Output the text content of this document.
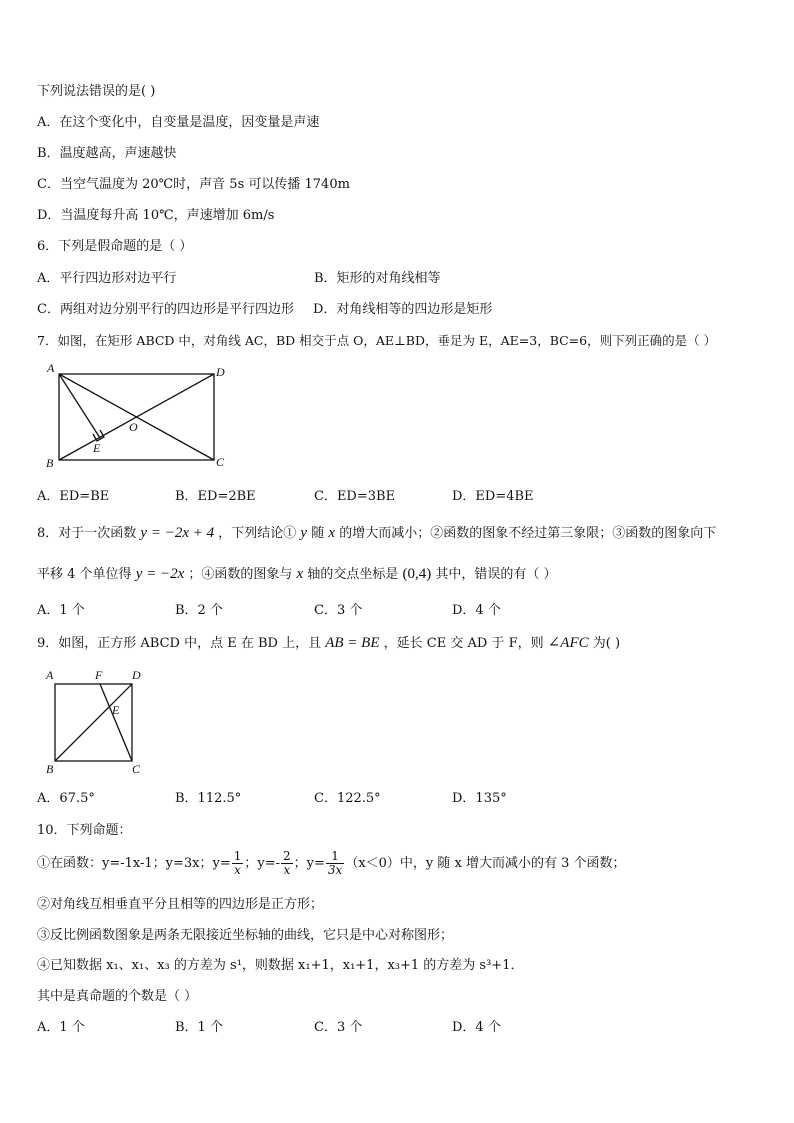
下列说法错误的是( )
A．在这个变化中，自变量是温度，因变量是声速
B．温度越高，声速越快
C．当空气温度为 20℃时，声音 5s 可以传播 1740m
D．当温度每升高 10℃，声速增加 6m/s
6．下列是假命题的是（ ）
A．平行四边形对边平行	B．矩形的对角线相等
C．两组对边分别平行的四边形是平行四边形 D．对角线相等的四边形是矩形
7．如图，在矩形 ABCD 中，对角线 AC，BD 相交于点 O，AE⊥BD，垂足为 E，AE=3，BC=6，则下列正确的是（ ）
A	D
B	C
E
O
A．ED=BE	B．ED=2BE	C．ED=3BE	D．ED=4BE
8．对于一次函数 y = −2x + 4 ，下列结论① y 随 x 的增大而减小；②函数的图象不经过第三象限；③函数的图象向下
平移 4 个单位得 y = −2x ；④函数的图象与 x 轴的交点坐标是 (0,4) 其中，错误的有（ ）
A．1 个	B．2 个	C．3 个	D．4 个
9．如图，正方形 ABCD 中，点 E 在 BD 上，且 AB = BE ，延长 CE 交 AD 于 F，则 ∠AFC 为( )
A	F D
E
B	C
A．67.5°	B．112.5°	C．122.5°	D．135°
10．下列命题：
①在函数：y=-1x-1；y=3x；$y= \frac{1}{x}$ ；$y=- \frac{2}{x}$ ；$y= \frac{1}{3x} (x<0)$中，y 随 x 增大而减小的有 3 个函数；
②对角线互相垂直平分且相等的四边形是正方形；
③反比例函数图象是两条无限接近坐标轴的曲线，它只是中心对称图形；
④已知数据 x₁、x₁、x₃ 的方差为 s¹，则数据 x₁+1，x₁+1，x₃+1 的方差为 s³+1．
其中是真命题的个数是（ ）
A．1 个	B．1 个	C．3 个	D．4 个
